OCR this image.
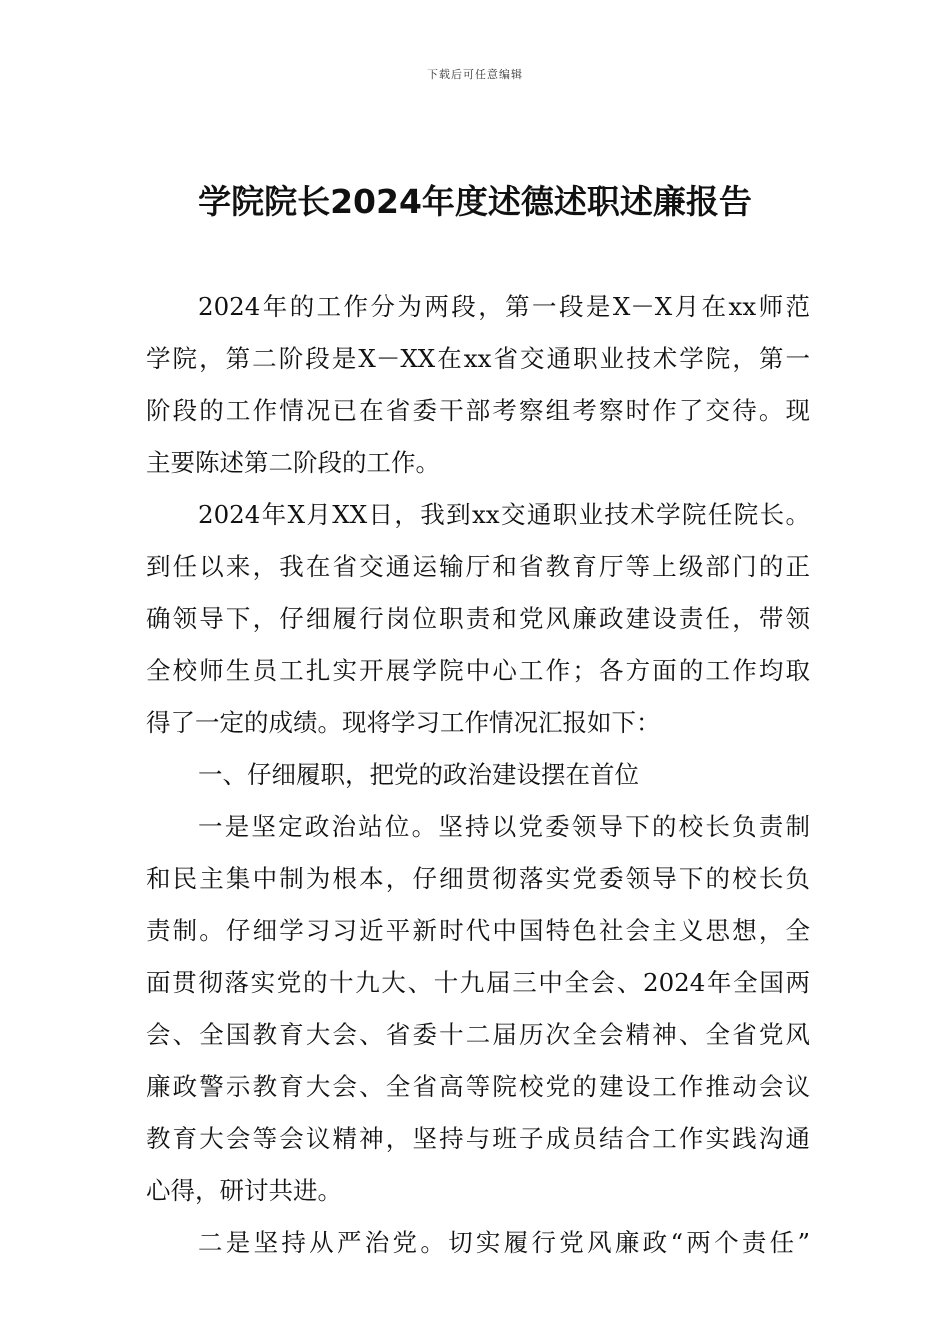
下载后可任意编辑
学院院长2024年度述德述职述廉报告
2024年的工作分为两段，第一段是X－X月在xx师范
学院，第二阶段是X－XX在xx省交通职业技术学院，第一
阶段的工作情况已在省委干部考察组考察时作了交待。现
主要陈述第二阶段的工作。
2024年X月XX日，我到xx交通职业技术学院任院长。
到任以来，我在省交通运输厅和省教育厅等上级部门的正
确领导下，仔细履行岗位职责和党风廉政建设责任，带领
全校师生员工扎实开展学院中心工作；各方面的工作均取
得了一定的成绩。现将学习工作情况汇报如下：
一、仔细履职，把党的政治建设摆在首位
一是坚定政治站位。坚持以党委领导下的校长负责制
和民主集中制为根本，仔细贯彻落实党委领导下的校长负
责制。仔细学习习近平新时代中国特色社会主义思想，全
面贯彻落实党的十九大、十九届三中全会、2024年全国两
会、全国教育大会、省委十二届历次全会精神、全省党风
廉政警示教育大会、全省高等院校党的建设工作推动会议
教育大会等会议精神，坚持与班子成员结合工作实践沟通
心得，研讨共进。
二是坚持从严治党。切实履行党风廉政“两个责任”
